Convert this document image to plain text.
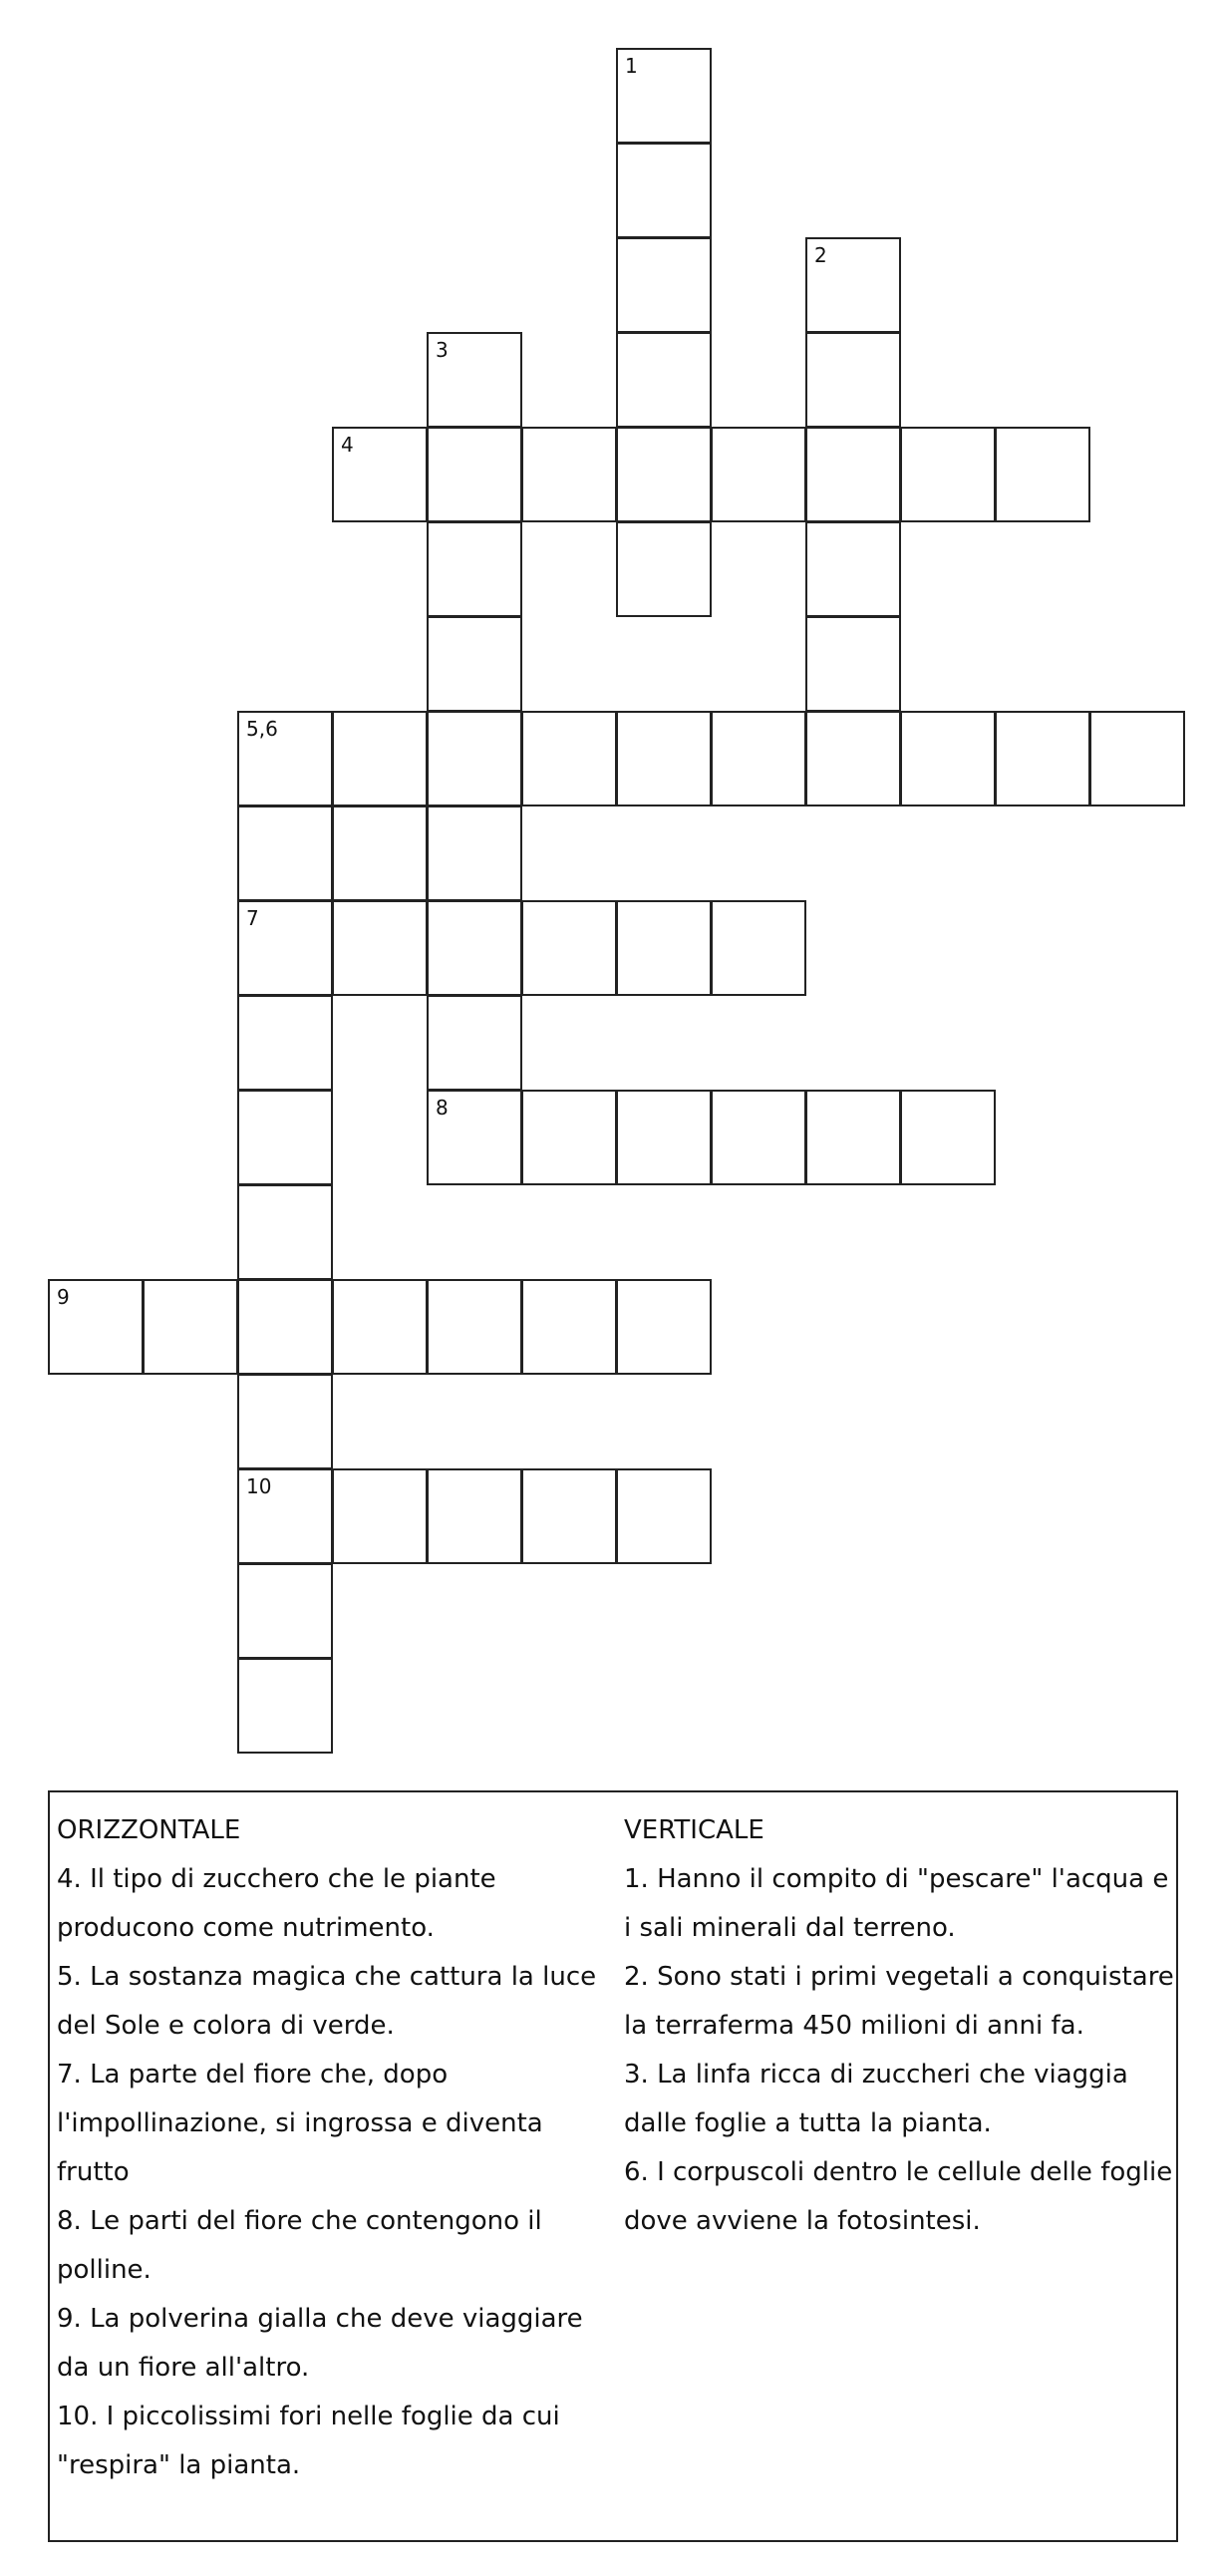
1
2
3
4
5,6
7
10
8
9

ORIZZONTALE

4. Il tipo di zucchero che le piante producono come nutrimento.

5. La sostanza magica che cattura la luce del Sole e colora di verde.

7. La parte del fiore che, dopo l'impollinazione, si ingrossa e diventa frutto

8. Le parti del fiore che contengono il polline.

9. La polverina gialla che deve viaggiare da un fiore all'altro.

10. I piccolissimi fori nelle foglie da cui "respira" la pianta.

VERTICALE

1. Hanno il compito di "pescare" l'acqua e i sali minerali dal terreno.

2. Sono stati i primi vegetali a conquistare la terraferma 450 milioni di anni fa.

3. La linfa ricca di zuccheri che viaggia dalle foglie a tutta la pianta.

6. I corpuscoli dentro le cellule delle foglie dove avviene la fotosintesi.
